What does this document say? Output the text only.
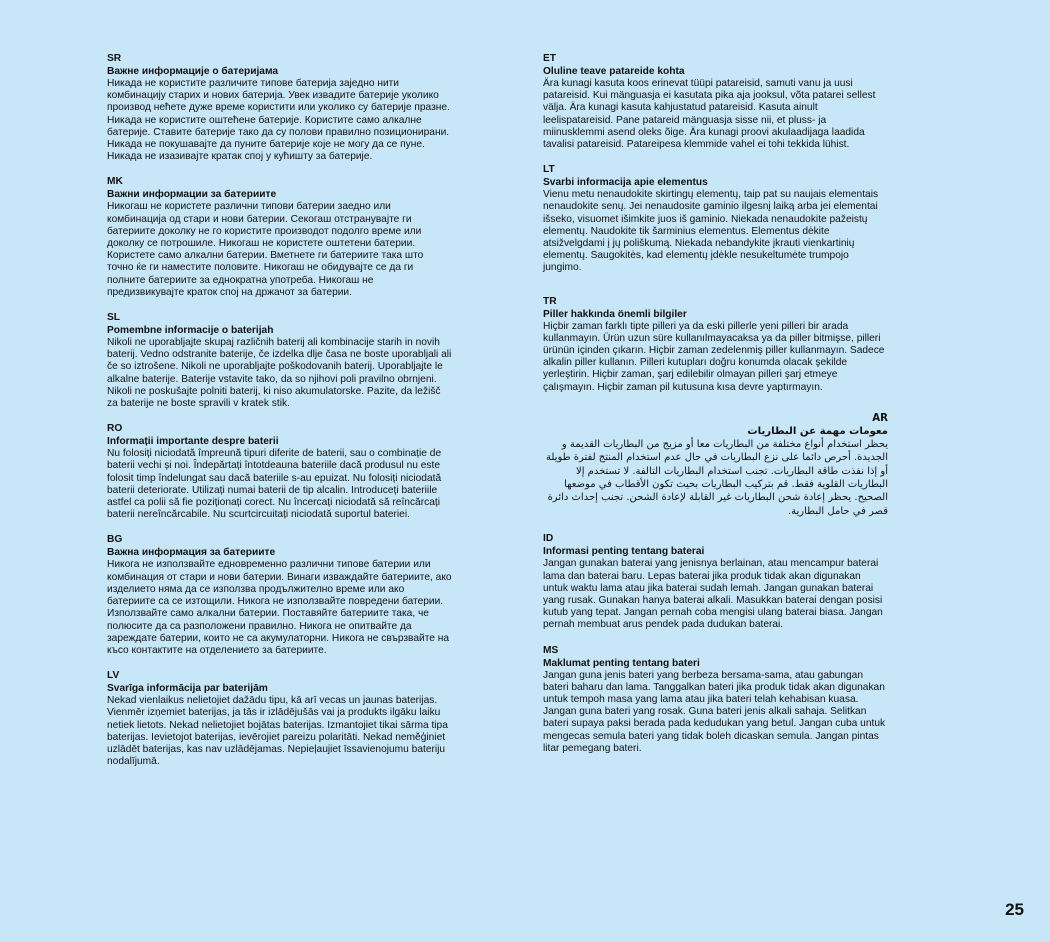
SR
Важне информације о батеријама

Никада не користите различите типове батерија заједно нити комбинацију старих и нових батерија. Увек извадите батерије уколико производ нећете дуже време користити или уколико су батерије празне. Никада не користите оштећене батерије. Користите само алкалне батерије. Ставите батерије тако да су полови правилно позиционирани. Никада не покушавајте да пуните батерије које не могу да се пуне. Никада не изазивајте кратак спој у кућишту за батерије.

MK
Важни информации за батериите

Никогаш не користете различни типови батерии заедно или комбинација од стари и нови батерии. Секогаш отстранувајте ги батериите доколку не го користите производот подолго време или доколку се потрошиле. Никогаш не користете оштетени батерии. Користете само алкални батерии. Вметнете ги батериите така што точно ќе ги наместите половите. Никогаш не обидувајте се да ги полните батериите за еднократна употреба. Никогаш не предизвикувајте краток спој на држачот за батерии.

SL
Pomembne informacije o baterijah

Nikoli ne uporabljajte skupaj različnih baterij ali kombinacije starih in novih baterij. Vedno odstranite baterije, če izdelka dlje časa ne boste uporabljali ali če so iztrošene. Nikoli ne uporabljajte poškodovanih baterij. Uporabljajte le alkalne baterije. Baterije vstavite tako, da so njihovi poli pravilno obrnjeni. Nikoli ne poskušajte polniti baterij, ki niso akumulatorske. Pazite, da ležišč za baterije ne boste spravili v kratek stik.

RO
Informații importante despre baterii

Nu folosiți niciodată împreună tipuri diferite de baterii, sau o combinație de baterii vechi și noi. Îndepărtați întotdeauna bateriile dacă produsul nu este folosit timp îndelungat sau dacă bateriile s-au epuizat. Nu folosiți niciodată baterii deteriorate. Utilizați numai baterii de tip alcalin. Introduceți bateriile astfel ca polii să fie poziționați corect. Nu încercați niciodată să reîncărcați baterii nereîncărcabile. Nu scurtcircuitați niciodată suportul bateriei.

BG
Важна информация за батериите

Никога не използвайте едновременно различни типове батерии или комбинация от стари и нови батерии. Винаги изваждайте батериите, ако изделието няма да се използва продължително време или ако батериите са се изтощили. Никога не използвайте повредени батерии. Използвайте само алкални батерии. Поставяйте батериите така, че полюсите да са разположени правилно. Никога не опитвайте да зареждате батерии, които не са акумулаторни. Никога не свързвайте на късо контактите на отделението за батериите.

LV
Svarīga informācija par baterijām

Nekad vienlaikus nelietojiet dažādu tipu, kā arī vecas un jaunas baterijas. Vienmēr izņemiet baterijas, ja tās ir izlādējušās vai ja produkts ilgāku laiku netiek lietots. Nekad nelietojiet bojātas baterijas. Izmantojiet tikai sārma tipa baterijas. Ievietojot baterijas, ievērojiet pareizu polaritāti. Nekad neměģiniet uzlādēt baterijas, kas nav uzlādējamas. Nepieļaujiet īssavienojumu bateriju nodalījumā.

ET
Oluline teave patareide kohta

Ära kunagi kasuta koos erinevat tüüpi patareisid, samuti vanu ja uusi patareisid. Kui mänguasja ei kasutata pika aja jooksul, võta patarei sellest välja. Ära kunagi kasuta kahjustatud patareisid. Kasuta ainult leelispatareisid. Pane patareid mänguasja sisse nii, et pluss- ja miinusklemmi asend oleks õige. Ära kunagi proovi akulaadijaga laadida tavalisi patareisid. Patareipesa klemmide vahel ei tohi tekkida lühist.

LT
Svarbi informacija apie elementus

Vienu metu nenaudokite skirtingų elementų, taip pat su naujais elementais nenaudokite senų. Jei nenaudosite gaminio ilgesnį laiką arba jei elementai išseko, visuomet išimkite juos iš gaminio. Niekada nenaudokite pažeistų elementų. Naudokite tik šarminius elementus. Elementus dėkite atsižvelgdami į jų poliškumą. Niekada nebandykite įkrauti vienkartinių elementų. Saugokitės, kad elementų įdėkle nesukeltumėte trumpojo jungimo.

TR
Piller hakkında önemli bilgiler

Hiçbir zaman farklı tipte pilleri ya da eski pillerle yeni pilleri bir arada kullanmayın. Ürün uzun süre kullanılmayacaksa ya da piller bitmişse, pilleri ürünün içinden çıkarın. Hiçbir zaman zedelenmiş piller kullanmayın. Sadece alkalin piller kullanın. Pilleri kutupları doğru konumda olacak şekilde yerleştirin. Hiçbir zaman, şarj edilebilir olmayan pilleri şarj etmeye çalışmayın. Hiçbir zaman pil kutusuna kısa devre yaptırmayın.

AR
معومات مهمة عن البطاريات

يحظر استخدام أنواع مختلفة من البطاريات معا أو مزيج من البطاريات القديمة و الجديدة. أحرص دائما على نزع البطاريات في حال عدم استخدام المنتج لفترة طويلة أو إذا نفذت طاقة البطاريات. تجنب استخدام البطاريات التالفة. لا تستخدم إلا البطاريات القلوية فقط. قم بتركيب البطاريات بحيث تكون الأقطاب في موضعها الصحيح. يحظر إعادة شحن البطاريات غير القابلة لإعادة الشحن. تجنب إحداث دائرة قصر في حامل البطارية.

ID
Informasi penting tentang baterai

Jangan gunakan baterai yang jenisnya berlainan, atau mencampur baterai lama dan baterai baru. Lepas baterai jika produk tidak akan digunakan untuk waktu lama atau jika baterai sudah lemah. Jangan gunakan baterai yang rusak. Gunakan hanya baterai alkali. Masukkan baterai dengan posisi kutub yang tepat. Jangan pernah coba mengisi ulang baterai biasa. Jangan pernah membuat arus pendek pada dudukan baterai.

MS
Maklumat penting tentang bateri

Jangan guna jenis bateri yang berbeza bersama-sama, atau gabungan bateri baharu dan lama. Tanggalkan bateri jika produk tidak akan digunakan untuk tempoh masa yang lama atau jika bateri telah kehabisan kuasa. Jangan guna bateri yang rosak. Guna bateri jenis alkali sahaja. Selitkan bateri supaya paksi berada pada kedudukan yang betul. Jangan cuba untuk mengecas semula bateri yang tidak boleh dicaskan semula. Jangan pintas litar pemegang bateri.

25
